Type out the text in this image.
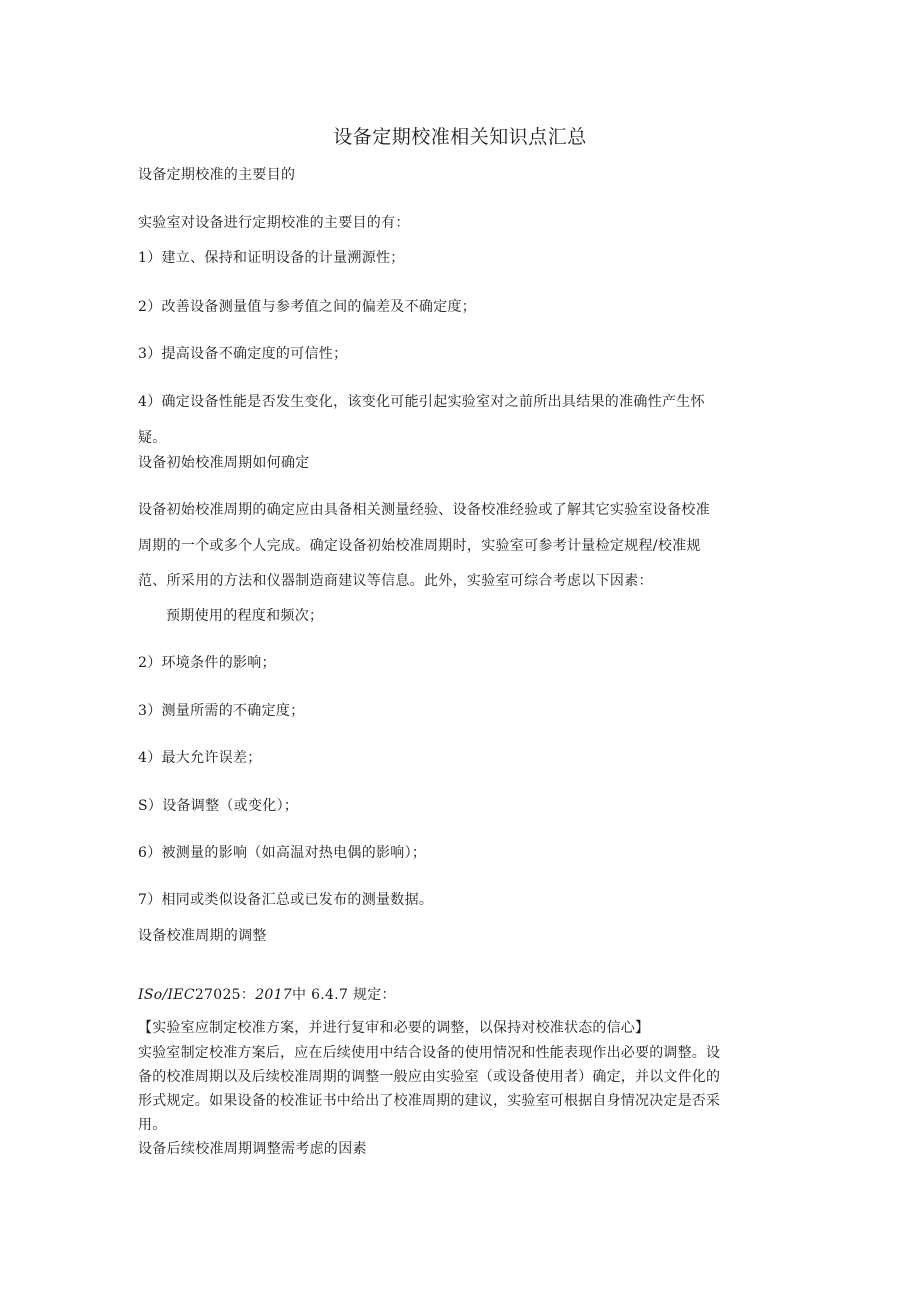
设备定期校准相关知识点汇总
设备定期校准的主要目的
实验室对设备进行定期校准的主要目的有：
1）建立、保持和证明设备的计量溯源性；
2）改善设备测量值与参考值之间的偏差及不确定度；
3）提高设备不确定度的可信性；
4）确定设备性能是否发生变化，该变化可能引起实验室对之前所出具结果的准确性产生怀
疑。
设备初始校准周期如何确定
设备初始校准周期的确定应由具备相关测量经验、设备校准经验或了解其它实验室设备校准
周期的一个或多个人完成。确定设备初始校准周期时，实验室可参考计量检定规程/校准规
范、所采用的方法和仪器制造商建议等信息。此外，实验室可综合考虑以下因素：
预期使用的程度和频次；
2）环境条件的影响；
3）测量所需的不确定度；
4）最大允许误差；
S）设备调整（或变化）；
6）被测量的影响（如高温对热电偶的影响）；
7）相同或类似设备汇总或已发布的测量数据。
设备校准周期的调整
ISo/IEC27025：2017中 6.4.7 规定：
【实验室应制定校准方案，并进行复审和必要的调整，以保持对校准状态的信心】
实验室制定校准方案后，应在后续使用中结合设备的使用情况和性能表现作出必要的调整。设
备的校准周期以及后续校准周期的调整一般应由实验室（或设备使用者）确定，并以文件化的
形式规定。如果设备的校准证书中给出了校准周期的建议，实验室可根据自身情况决定是否采
用。
设备后续校准周期调整需考虑的因素
